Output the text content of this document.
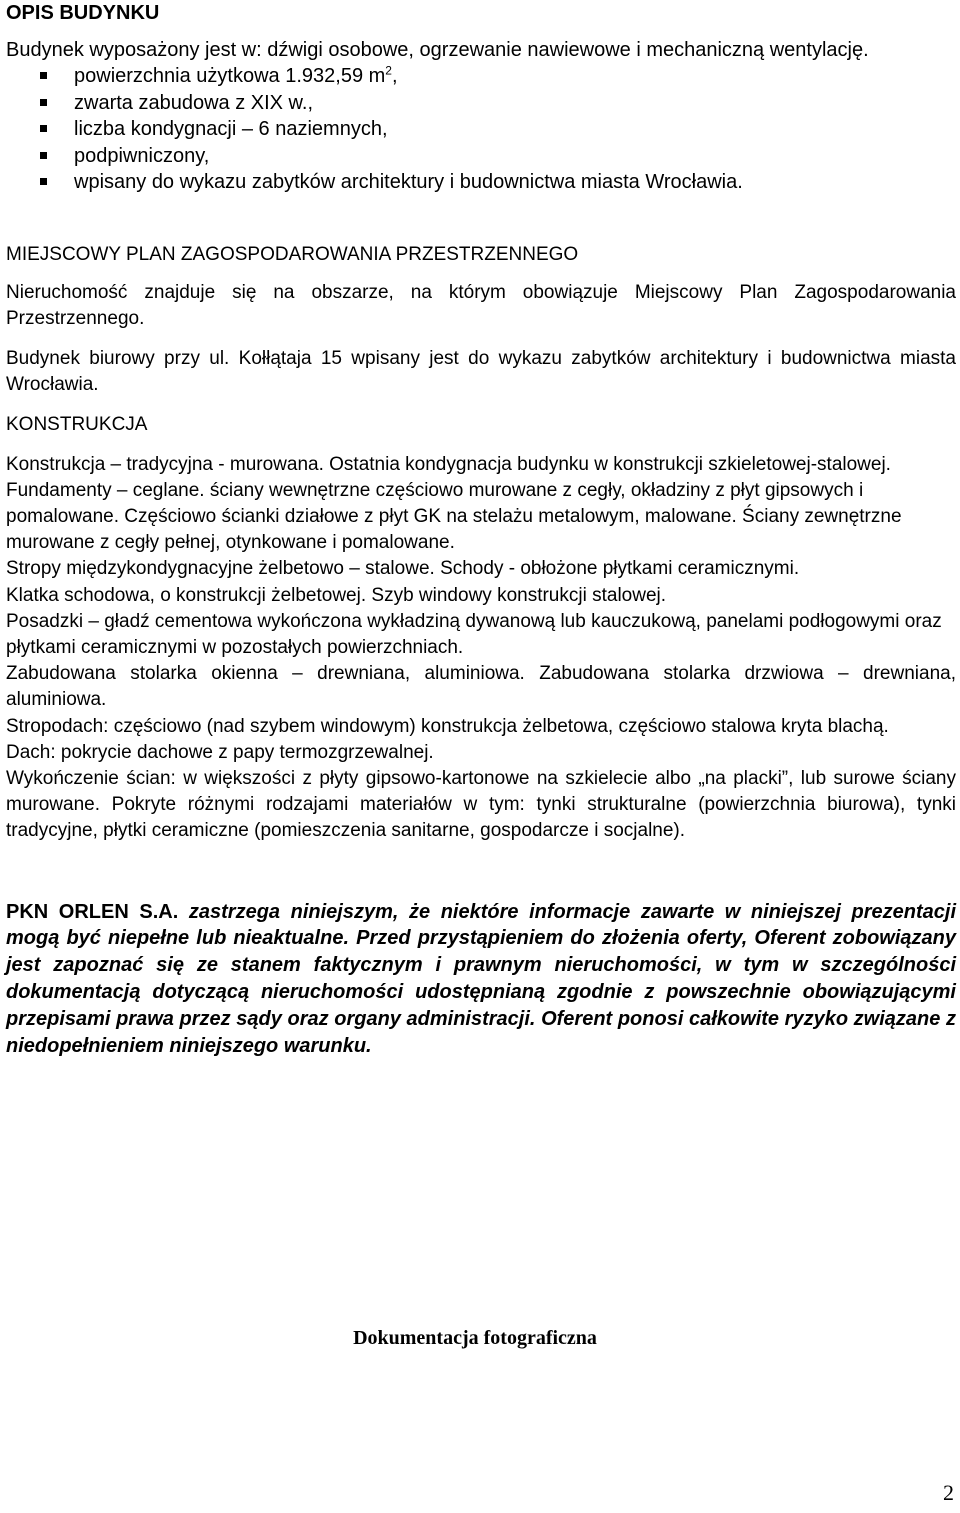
OPIS BUDYNKU

Budynek wyposażony jest w: dźwigi osobowe, ogrzewanie nawiewowe i mechaniczną wentylację.

powierzchnia użytkowa 1.932,59 $m^2$,
zwarta zabudowa z XIX w.,
liczba kondygnacji – 6 naziemnych,
podpiwniczony,
wpisany do wykazu zabytków architektury i budownictwa miasta Wrocławia.
MIEJSCOWY PLAN ZAGOSPODAROWANIA PRZESTRZENNEGO

Nieruchomość znajduje się na obszarze, na którym obowiązuje Miejscowy Plan Zagospodarowania Przestrzennego.

Budynek biurowy przy ul. Kołłątaja 15 wpisany jest do wykazu zabytków architektury i budownictwa miasta Wrocławia.

KONSTRUKCJA

Konstrukcja – tradycyjna - murowana. Ostatnia kondygnacja budynku w konstrukcji szkieletowej-stalowej.

Fundamenty – ceglane. ściany wewnętrzne częściowo murowane z cegły, okładziny z płyt gipsowych i pomalowane. Częściowo ścianki działowe z płyt GK na stelażu metalowym, malowane. Ściany zewnętrzne murowane z cegły pełnej, otynkowane i pomalowane.

Stropy międzykondygnacyjne żelbetowo – stalowe. Schody - obłożone płytkami ceramicznymi.

Klatka schodowa, o konstrukcji żelbetowej. Szyb windowy konstrukcji stalowej.

Posadzki – gładź cementowa wykończona wykładziną dywanową lub kauczukową, panelami podłogowymi oraz płytkami ceramicznymi w pozostałych powierzchniach.

Zabudowana stolarka okienna – drewniana, aluminiowa. Zabudowana stolarka drzwiowa – drewniana, aluminiowa.

Stropodach: częściowo (nad szybem windowym) konstrukcja żelbetowa, częściowo stalowa kryta blachą.

Dach: pokrycie dachowe z papy termozgrzewalnej.

Wykończenie ścian: w większości z płyty gipsowo-kartonowe na szkielecie albo „na placki”, lub surowe ściany murowane. Pokryte różnymi rodzajami materiałów w tym: tynki strukturalne (powierzchnia biurowa), tynki tradycyjne, płytki ceramiczne (pomieszczenia sanitarne, gospodarcze i socjalne).

PKN ORLEN S.A. zastrzega niniejszym, że niektóre informacje zawarte w niniejszej prezentacji mogą być niepełne lub nieaktualne. Przed przystąpieniem do złożenia oferty, Oferent zobowiązany jest zapoznać się ze stanem faktycznym i prawnym nieruchomości, w tym w szczególności dokumentacją dotyczącą nieruchomości udostępnianą zgodnie z powszechnie obowiązującymi przepisami prawa przez sądy oraz organy administracji. Oferent ponosi całkowite ryzyko związane z niedopełnieniem niniejszego warunku.

Dokumentacja fotograficzna
2
